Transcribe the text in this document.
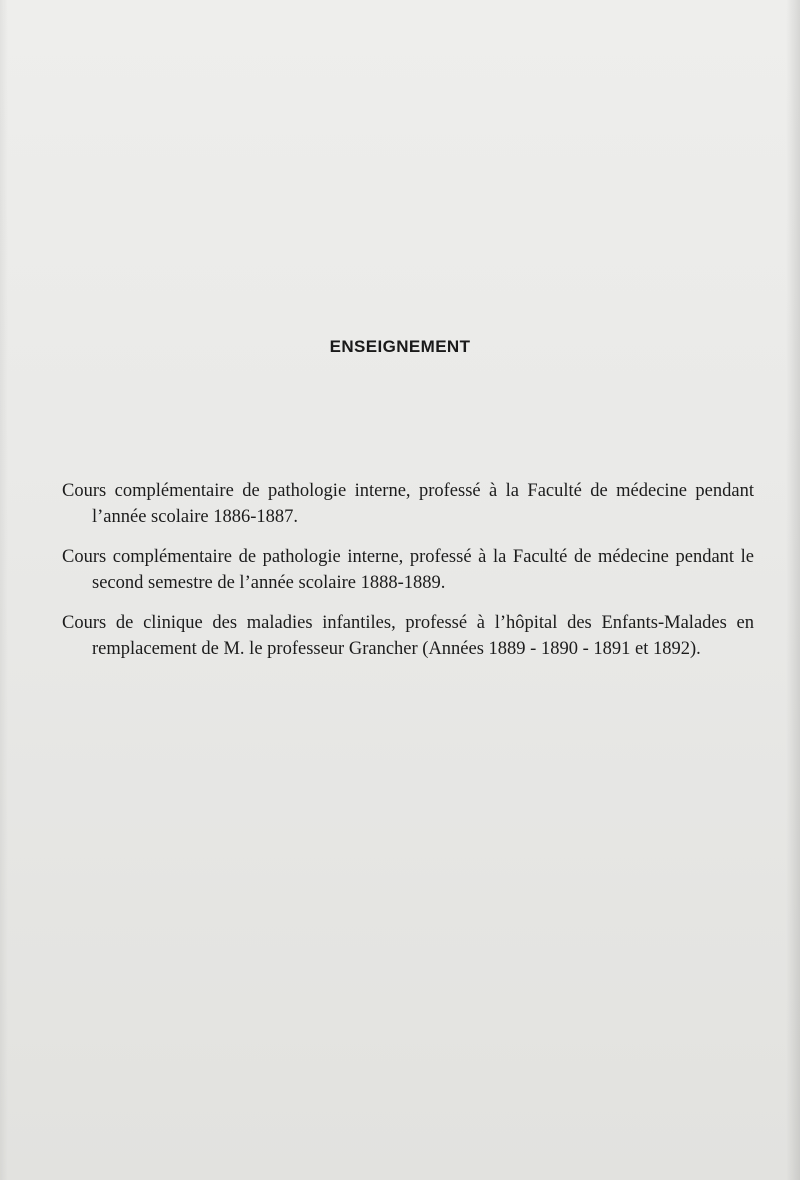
ENSEIGNEMENT

Cours complémentaire de pathologie interne, professé à la Faculté de médecine pendant l’année scolaire 1886-1887.

Cours complémentaire de pathologie interne, professé à la Faculté de médecine pendant le second semestre de l’année scolaire 1888-1889.

Cours de clinique des maladies infantiles, professé à l’hôpital des Enfants-Malades en remplacement de M. le professeur Grancher (Années 1889 - 1890 - 1891 et 1892).
